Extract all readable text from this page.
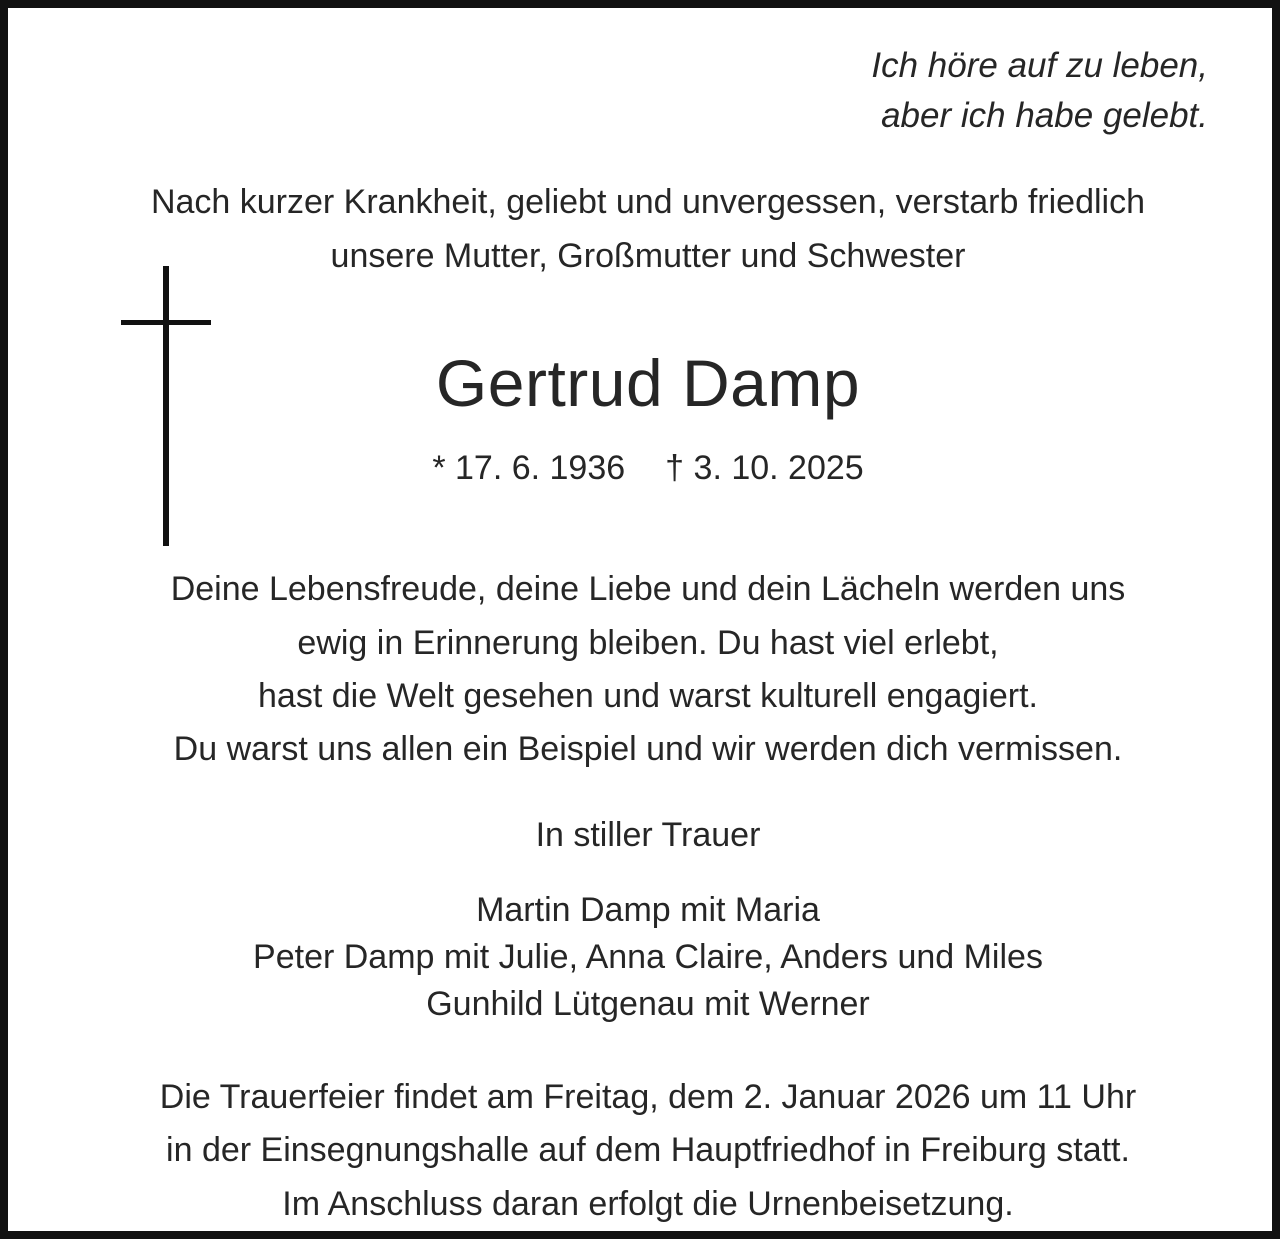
Ich höre auf zu leben,
aber ich habe gelebt.
Nach kurzer Krankheit, geliebt und unvergessen, verstarb friedlich
unsere Mutter, Großmutter und Schwester
Gertrud Damp
* 17. 6. 1936 † 3. 10. 2025
Deine Lebensfreude, deine Liebe und dein Lächeln werden uns
ewig in Erinnerung bleiben. Du hast viel erlebt,
hast die Welt gesehen und warst kulturell engagiert.
Du warst uns allen ein Beispiel und wir werden dich vermissen.
In stiller Trauer
Martin Damp mit Maria
Peter Damp mit Julie, Anna Claire, Anders und Miles
Gunhild Lütgenau mit Werner
Die Trauerfeier findet am Freitag, dem 2. Januar 2026 um 11 Uhr
in der Einsegnungshalle auf dem Hauptfriedhof in Freiburg statt.
Im Anschluss daran erfolgt die Urnenbeisetzung.
